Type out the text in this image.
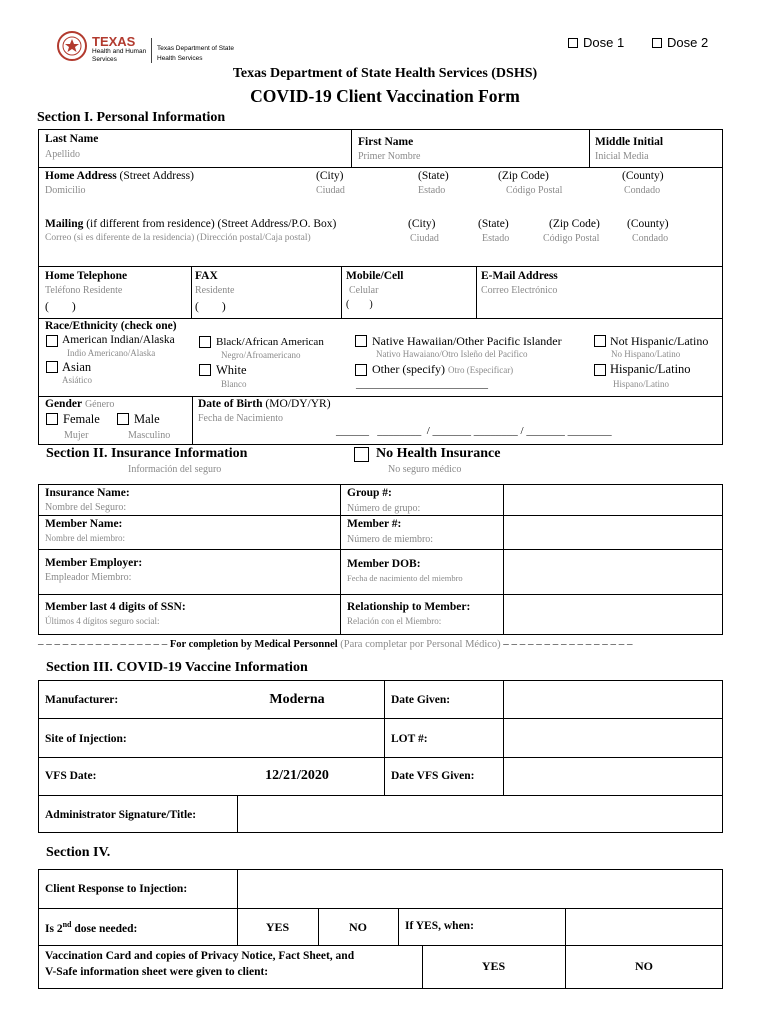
TEXAS
Health and Human
Services
Texas Department of State
Health Services
Dose 1	Dose 2
Texas Department of State Health Services (DSHS)
COVID-19 Client Vaccination Form
Section I. Personal Information
Last Name
Apellido
First Name
Primer Nombre
Middle Initial
Inicial Media
Home Address (Street Address)
Domicilio
(City)
Ciudad
(State)
Estado
(Zip Code)
Código Postal
(County)
Condado
Mailing (if different from residence) (Street Address/P.O. Box)
Correo (si es diferente de la residencia) (Dirección postal/Caja postal)
(City)
Ciudad
(State)
Estado
(Zip Code)
Código Postal
(County)
Condado
Home Telephone
Teléfono Residente
(        )
FAX
Residente
(        )
Mobile/Cell
Celular
(        )
E-Mail Address
Correo Electrónico
Race/Ethnicity (check one)
American Indian/Alaska
Indio Americano/Alaska
Asian
Asiático
Black/African American
Negro/Afroamericano
White
Blanco
Native Hawaiian/Other Pacific Islander
Nativo Hawaiano/Otro Isleño del Pacifico
Other (specify) Otro (Especificar)
________________________
Not Hispanic/Latino
No Hispano/Latino
Hispanic/Latino
Hispano/Latino
Gender Género
Female
Mujer
Male
Masculino
Date of Birth (MO/DY/YR)
Fecha de Nacimiento
______   ________  / _______ ________ / _______ ________
Section II. Insurance Information
Información del seguro
No Health Insurance
No seguro médico
Insurance Name:
Nombre del Seguro:
Group #:
Número de grupo:
Member Name:
Nombre del miembro:
Member #:
Número de miembro:
Member Employer:
Empleador Miembro:
Member DOB:
Fecha de nacimiento del miembro
Member last 4 digits of SSN:
Últimos 4 dígitos seguro social:
Relationship to Member:
Relación con el Miembro:
– – – – – – – – – – – – – – – – For completion by Medical Personnel (Para completar por Personal Médico) – – – – – – – – – – – – – – – –
Section III. COVID-19 Vaccine Information
Manufacturer:	Moderna	Date Given:
Site of Injection:	LOT #:
VFS Date:	12/21/2020	Date VFS Given:
Administrator Signature/Title:
Section IV.
Client Response to Injection:
Is 2nd dose needed:	YES	NO	If YES, when:
Vaccination Card and copies of Privacy Notice, Fact Sheet, and
V-Safe information sheet were given to client:	YES	NO
